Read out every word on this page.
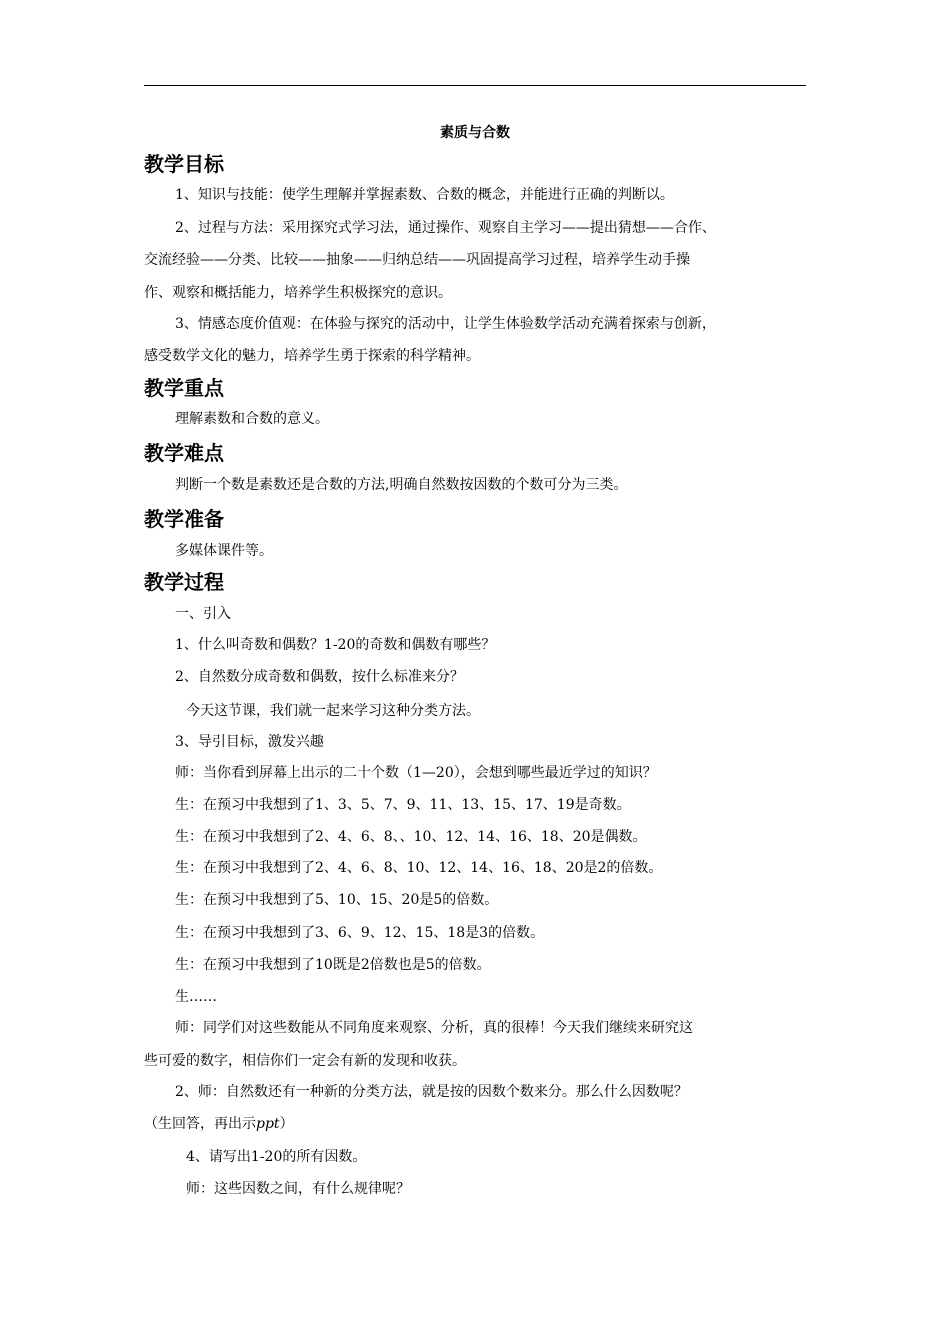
素质与合数
教学目标
1、知识与技能：使学生理解并掌握素数、合数的概念，并能进行正确的判断以。
2、过程与方法：采用探究式学习法，通过操作、观察自主学习——提出猜想——合作、
交流经验——分类、比较——抽象——归纳总结——巩固提高学习过程，培养学生动手操
作、观察和概括能力，培养学生积极探究的意识。
3、情感态度价值观：在体验与探究的活动中，让学生体验数学活动充满着探索与创新，
感受数学文化的魅力，培养学生勇于探索的科学精神。
教学重点
理解素数和合数的意义。
教学难点
判断一个数是素数还是合数的方法,明确自然数按因数的个数可分为三类。
教学准备
多媒体课件等。
教学过程
一、引入
1、什么叫奇数和偶数？1-20的奇数和偶数有哪些？
2、自然数分成奇数和偶数，按什么标准来分？
今天这节课，我们就一起来学习这种分类方法。
3、导引目标，激发兴趣
师：当你看到屏幕上出示的二十个数（1—20），会想到哪些最近学过的知识？
生：在预习中我想到了1、3、5、7、9、11、13、15、17、19是奇数。
生：在预习中我想到了2、4、6、8、、10、12、14、16、18、20是偶数。
生：在预习中我想到了2、4、6、8、10、12、14、16、18、20是2的倍数。
生：在预习中我想到了5、10、15、20是5的倍数。
生：在预习中我想到了3、6、9、12、15、18是3的倍数。
生：在预习中我想到了10既是2倍数也是5的倍数。
生……
师：同学们对这些数能从不同角度来观察、分析，真的很棒！今天我们继续来研究这
些可爱的数字，相信你们一定会有新的发现和收获。
2、师：自然数还有一种新的分类方法，就是按的因数个数来分。那么什么因数呢？
（生回答，再出示ppt）
4、请写出1-20的所有因数。
师：这些因数之间，有什么规律呢？
